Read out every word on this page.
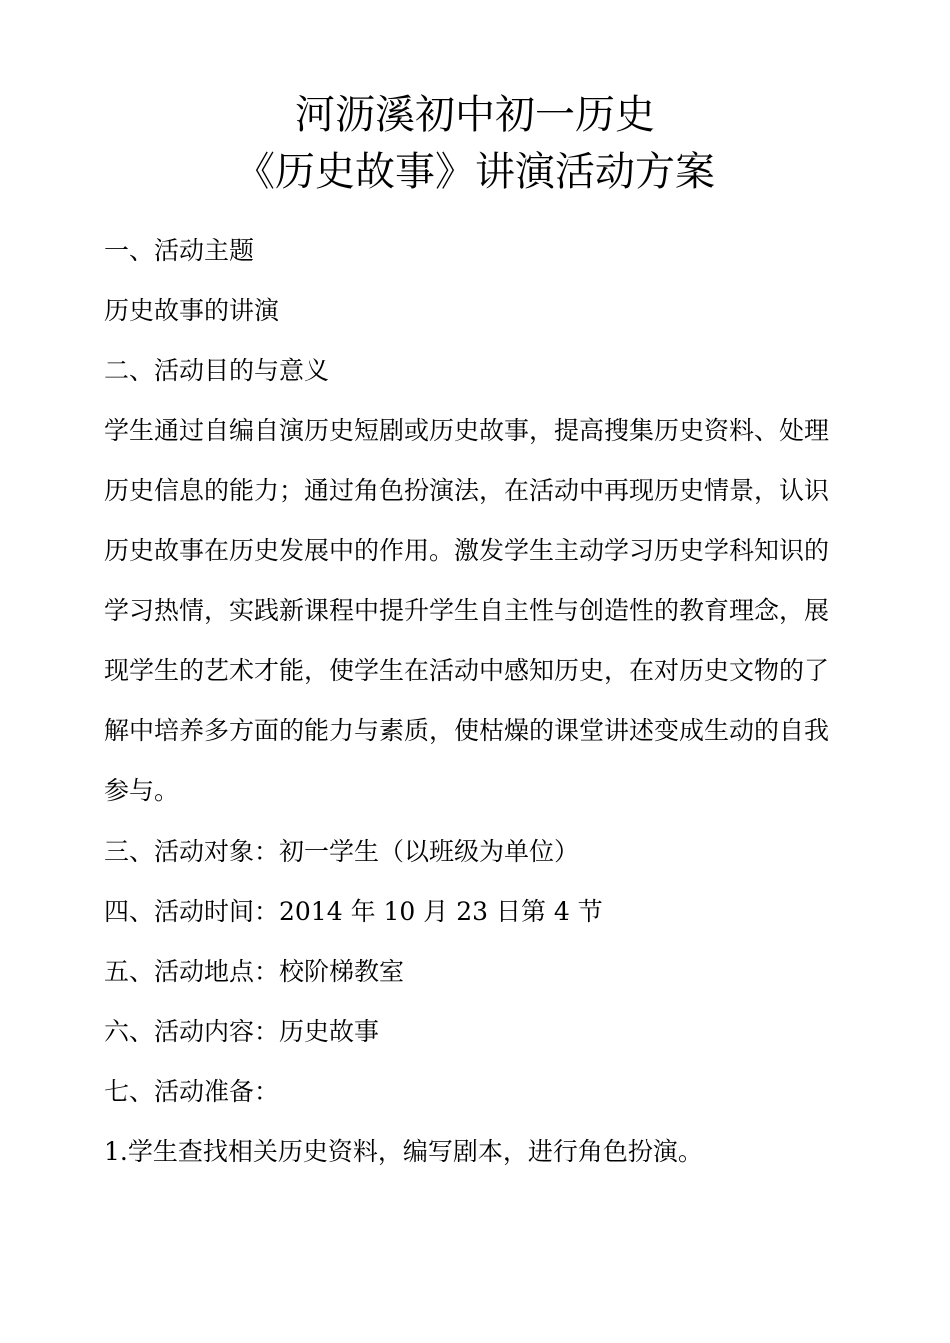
河沥溪初中初一历史
《历史故事》讲演活动方案
一、活动主题
历史故事的讲演
二、活动目的与意义
学生通过自编自演历史短剧或历史故事，提高搜集历史资料、处理
历史信息的能力；通过角色扮演法，在活动中再现历史情景，认识
历史故事在历史发展中的作用。激发学生主动学习历史学科知识的
学习热情，实践新课程中提升学生自主性与创造性的教育理念，展
现学生的艺术才能，使学生在活动中感知历史，在对历史文物的了
解中培养多方面的能力与素质，使枯燥的课堂讲述变成生动的自我
参与。
三、活动对象：初一学生（以班级为单位）
四、活动时间：2014 年 10 月 23 日第 4 节
五、活动地点：校阶梯教室
六、活动内容：历史故事
七、活动准备：
1.学生查找相关历史资料，编写剧本，进行角色扮演。
